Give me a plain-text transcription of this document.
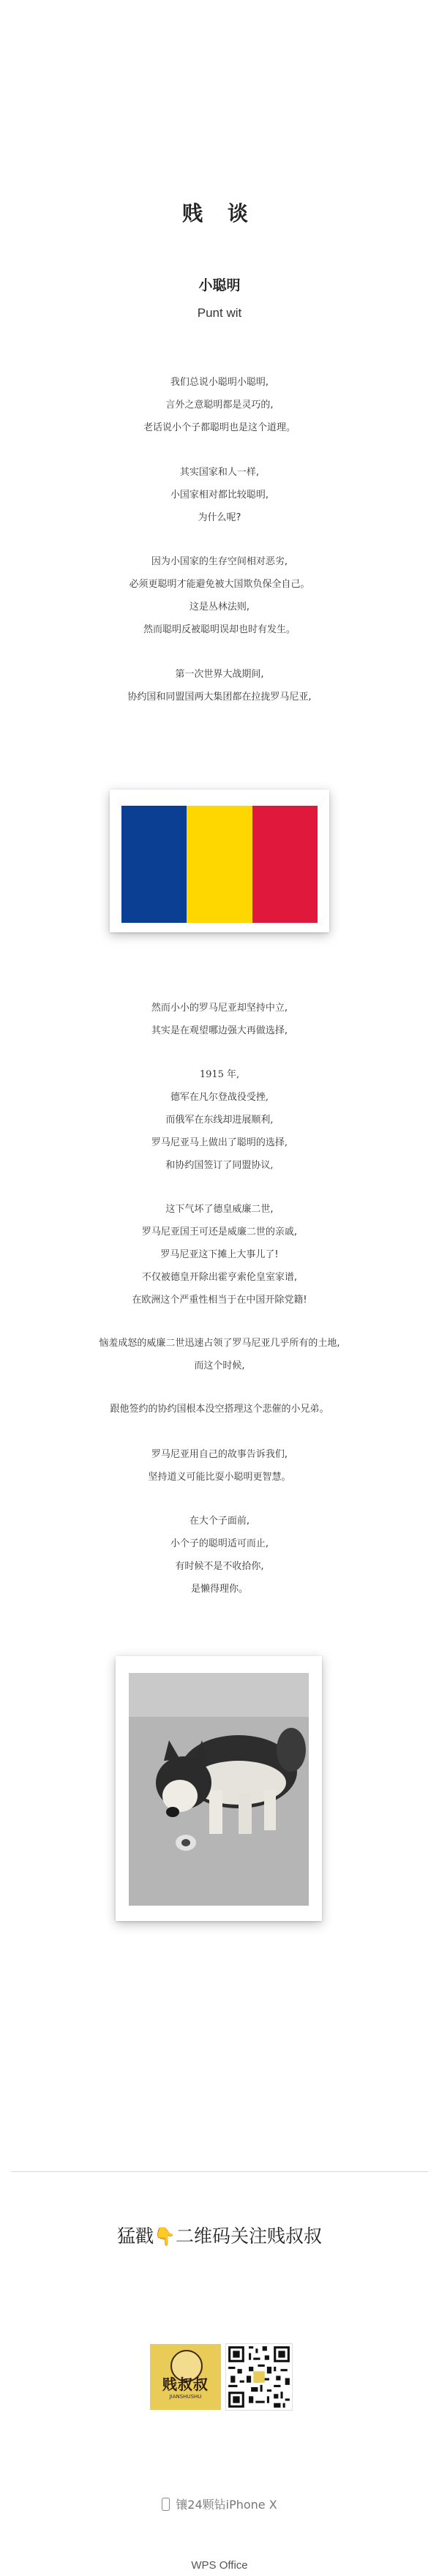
贱 谈
小聪明
Punt wit
我们总说小聪明小聪明,
言外之意聪明都是灵巧的,
老话说小个子都聪明也是这个道理。
其实国家和人一样,
小国家相对都比较聪明,
为什么呢?
因为小国家的生存空间相对恶劣,
必须更聪明才能避免被大国欺负保全自己。
这是丛林法则,
然而聪明反被聪明误却也时有发生。
第一次世界大战期间,
协约国和同盟国两大集团都在拉拢罗马尼亚,
然而小小的罗马尼亚却坚持中立,
其实是在观望哪边强大再做选择,
1915 年,
德军在凡尔登战役受挫,
而俄军在东线却进展顺利,
罗马尼亚马上做出了聪明的选择,
和协约国签订了同盟协议,
这下气坏了德皇威廉二世,
罗马尼亚国王可还是威廉二世的亲戚,
罗马尼亚这下摊上大事儿了!
不仅被德皇开除出霍亨索伦皇室家谱,
在欧洲这个严重性相当于在中国开除党籍!
恼羞成怒的威廉二世迅速占领了罗马尼亚几乎所有的土地,
而这个时候,
跟他签约的协约国根本没空搭理这个悲催的小兄弟。
罗马尼亚用自己的故事告诉我们,
坚持道义可能比耍小聪明更智慧。
在大个子面前,
小个子的聪明适可而止,
有时候不是不收拾你,
是懒得理你。
猛戳👇二维码关注贱叔叔
贱叔叔
JIANSHUSHU
镶24颗钻iPhone X
WPS Office
